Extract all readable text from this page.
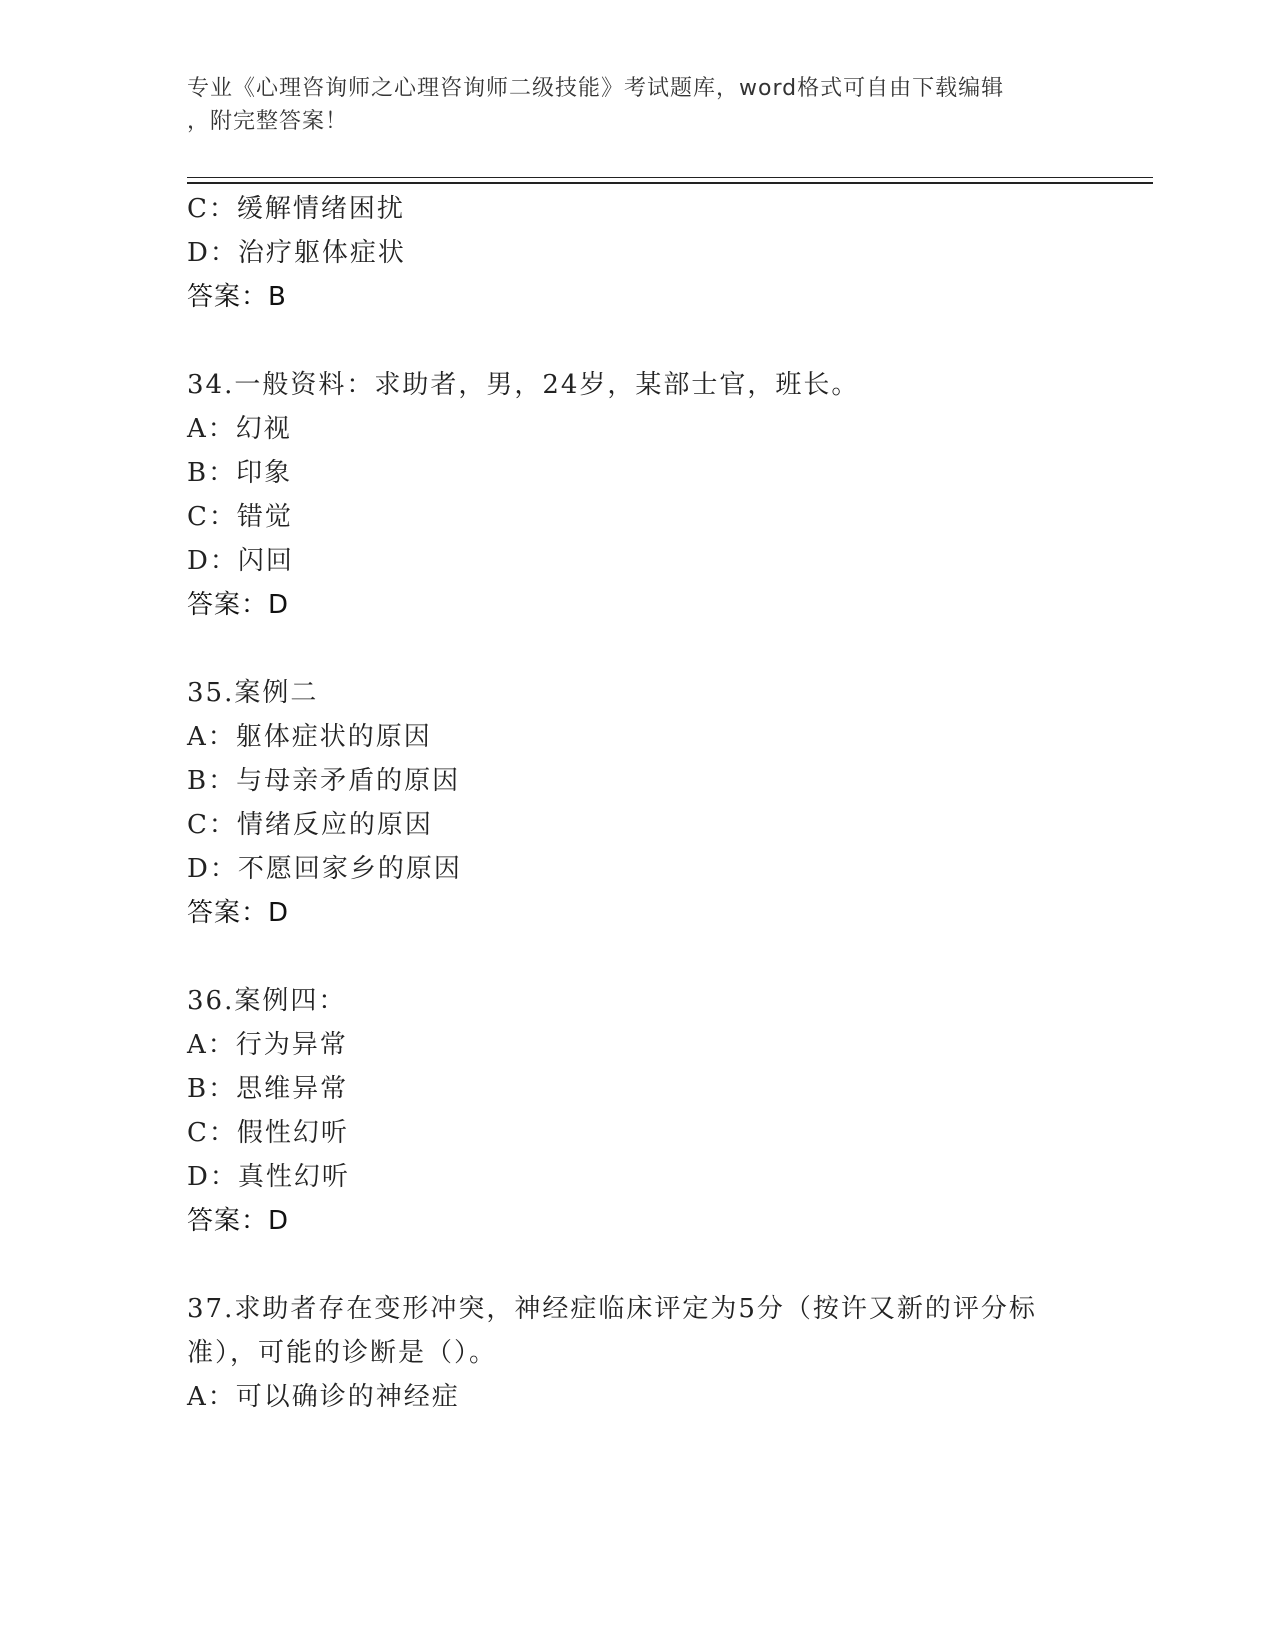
专业《心理咨询师之心理咨询师二级技能》考试题库，word格式可自由下载编辑
，附完整答案！
C：缓解情绪困扰
D：治疗躯体症状
答案：B
34.一般资料：求助者，男，24岁，某部士官，班长。
A：幻视
B：印象
C：错觉
D：闪回
答案：D
35.案例二
A：躯体症状的原因
B：与母亲矛盾的原因
C：情绪反应的原因
D：不愿回家乡的原因
答案：D
36.案例四：
A：行为异常
B：思维异常
C：假性幻听
D：真性幻听
答案：D
37.求助者存在变形冲突，神经症临床评定为5分（按许又新的评分标
准），可能的诊断是（）。
A：可以确诊的神经症
